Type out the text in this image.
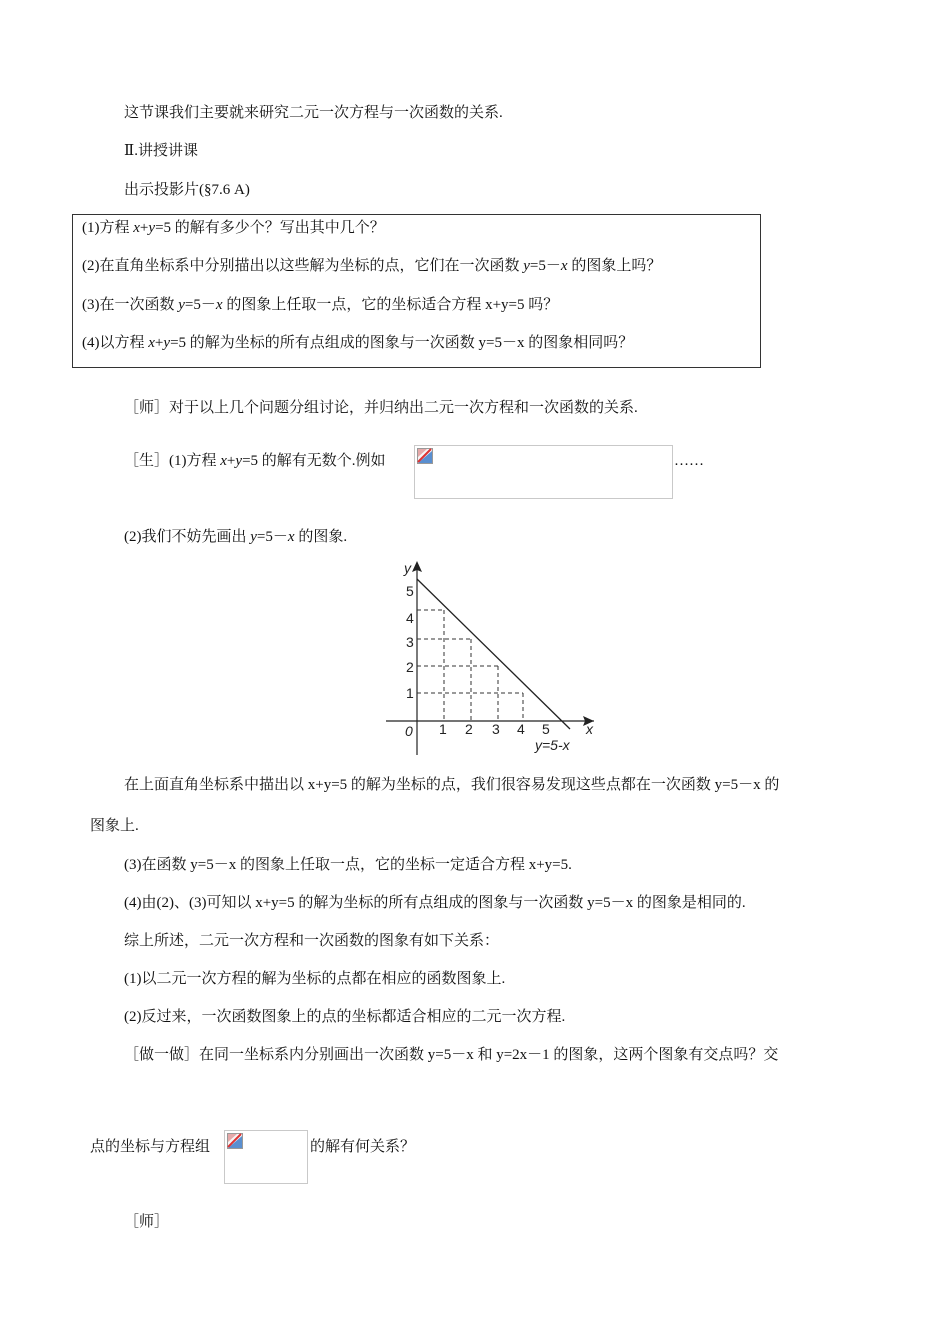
这节课我们主要就来研究二元一次方程与一次函数的关系.
Ⅱ.讲授讲课
出示投影片(§7.6 A)
(1)方程 x+y=5 的解有多少个？写出其中几个？
(2)在直角坐标系中分别描出以这些解为坐标的点，它们在一次函数 y=5－x 的图象上吗？
(3)在一次函数 y=5－x 的图象上任取一点，它的坐标适合方程 x+y=5 吗？
(4)以方程 x+y=5 的解为坐标的所有点组成的图象与一次函数 y=5－x 的图象相同吗？
［师］对于以上几个问题分组讨论，并归纳出二元一次方程和一次函数的关系.
［生］(1)方程 x+y=5 的解有无数个.例如	……
(2)我们不妨先画出 y=5－x 的图象.
5
4
3
2
1
1 2 3 4 5
0	x
y
y=5-x
在上面直角坐标系中描出以 x+y=5 的解为坐标的点，我们很容易发现这些点都在一次函数 y=5－x 的
图象上.
(3)在函数 y=5－x 的图象上任取一点，它的坐标一定适合方程 x+y=5.
(4)由(2)、(3)可知以 x+y=5 的解为坐标的所有点组成的图象与一次函数 y=5－x 的图象是相同的.
综上所述，二元一次方程和一次函数的图象有如下关系：
(1)以二元一次方程的解为坐标的点都在相应的函数图象上.
(2)反过来，一次函数图象上的点的坐标都适合相应的二元一次方程.
［做一做］在同一坐标系内分别画出一次函数 y=5－x 和 y=2x－1 的图象，这两个图象有交点吗？交
点的坐标与方程组	的解有何关系？
［师］
